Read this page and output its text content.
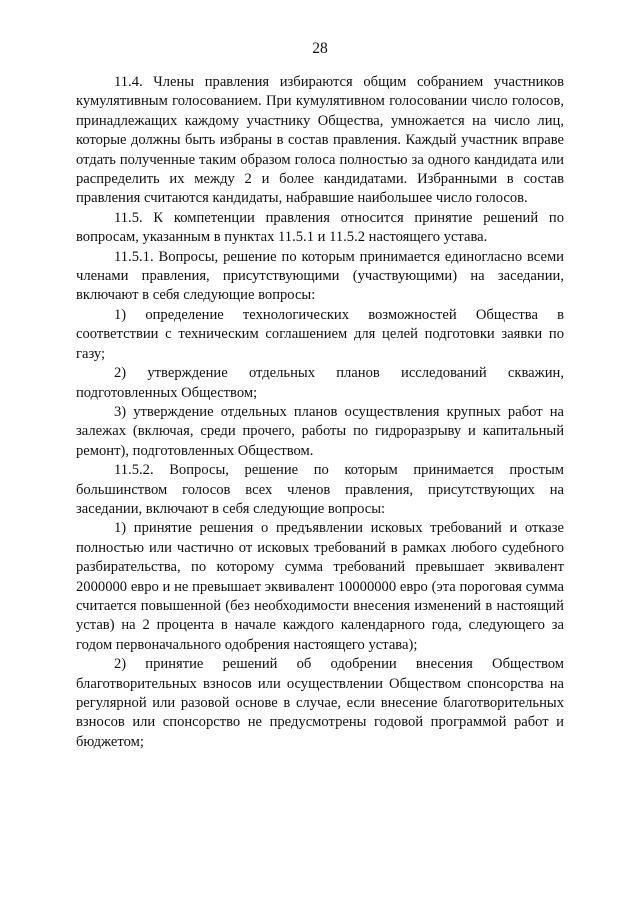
28

11.4. Члены правления избираются общим собранием участников кумулятивным голосованием. При кумулятивном голосовании число голосов, принадлежащих каждому участнику Общества, умножается на число лиц, которые должны быть избраны в состав правления. Каждый участник вправе отдать полученные таким образом голоса полностью за одного кандидата или распределить их между 2 и более кандидатами. Избранными в состав правления считаются кандидаты, набравшие наибольшее число голосов.

11.5. К компетенции правления относится принятие решений по вопросам, указанным в пунктах 11.5.1 и 11.5.2 настоящего устава.

11.5.1. Вопросы, решение по которым принимается единогласно всеми членами правления, присутствующими (участвующими) на заседании, включают в себя следующие вопросы:

1) определение технологических возможностей Общества в соответствии с техническим соглашением для целей подготовки заявки по газу;

2) утверждение отдельных планов исследований скважин, подготовленных Обществом;

3) утверждение отдельных планов осуществления крупных работ на залежах (включая, среди прочего, работы по гидроразрыву и капитальный ремонт), подготовленных Обществом.

11.5.2. Вопросы, решение по которым принимается простым большинством голосов всех членов правления, присутствующих на заседании, включают в себя следующие вопросы:

1) принятие решения о предъявлении исковых требований и отказе полностью или частично от исковых требований в рамках любого судебного разбирательства, по которому сумма требований превышает эквивалент 2000000 евро и не превышает эквивалент 10000000 евро (эта пороговая сумма считается повышенной (без необходимости внесения изменений в настоящий устав) на 2 процента в начале каждого календарного года, следующего за годом первоначального одобрения настоящего устава);

2) принятие решений об одобрении внесения Обществом благотворительных взносов или осуществлении Обществом спонсорства на регулярной или разовой основе в случае, если внесение благотворительных взносов или спонсорство не предусмотрены годовой программой работ и бюджетом;
